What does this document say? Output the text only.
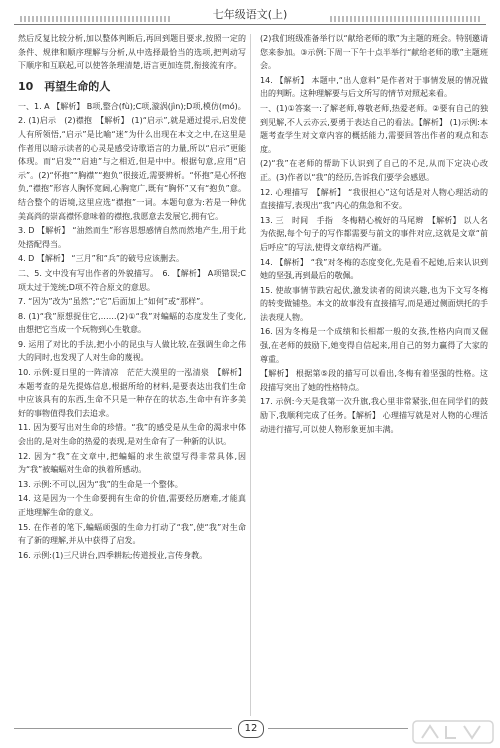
七年级语文(上)

然后反复比较分析,加以整体判断后,再回到题目要求,按照一定的条件、规律和顺序理解与分析,从中选择最恰当的选项,把判动写下顺序和互联起,可以使答条理清楚,语言更加连贯,衔接流有序。

10　再望生命的人

一、1. A 【解析】 B项,整合(fù);C项,漩涡(jìn);D项,模仿(mó)。

2. (1)启示　(2)襟抱　【解析】 (1)“启示”,就是通过提示,启发使人有所领悟,“启示”是比喻“迷”为什么出现在本文之中,在这里是作者用以暗示读者的心灵是感受诗歌语言的力量,所以“启示”更能体现。而“启发”“启迪”与之相近,但是中中。根据句意,应用“启示”。(2)“怀抱”“胸襟”“抱负”很接近,需要辨析。“怀抱”是心怀抱负,“襟抱”形容人胸怀宽阔,心胸宽广,既有“胸怀”又有“抱负”意。结合整个的语境,这里应选“襟抱”一词。本题句意为:若是一种优美高尚的崇高襟怀意味着的襟抱,我愿意去发展它,拥有它。

3. D 【解析】 “油然而生”形容思想感情自然而然地产生,用于此处搭配得当。

4. D 【解析】 “三月”和“兵”的破号应该删去。

二、5. 文中没有写出作者的外貌描写。　6. 【解析】 A项错误;C项太过于笼统;D项不符合原文的意思。

7. “因为”改为“虽然”;“它”后面加上“如何”或“那样”。

8. (1)“我”原想捉住它,……(2)①“我”对蝙蝠的态度发生了变化,由想把它当成一个玩物到心生敬意。

9. 运用了对比的手法,把小小的昆虫与人做比较,在强调生命之伟大的同时,也发现了人对生命的蔑视。

10. 示例:夏日里的一阵清凉　茫茫大漠里的一泓清泉　【解析】 本题考查的是先提炼信息,根据所给的材料,是要表达出我们生命中应该具有的东西,生命不只是一种存在的状态,生命中有许多美好的事物值得我们去追求。

11. 因为要写出对生命的珍惜。“我”的感受是从生命的渴求中体会出的,是对生命的热爱的表现,是对生命有了一种新的认识。

12. 因为“我”在文章中,把蝙蝠的求生欲望写得非常具体,因为“我”被蝙蝠对生命的执着所感动。

13. 示例:不可以,因为“我”的生命是一个整体。

14. 这是因为一个生命要拥有生命的价值,需要经历磨难,才能真正地理解生命的意义。

15. 在作者的笔下,蝙蝠顽强的生命力打动了“我”,使“我”对生命有了新的理解,并从中获得了启发。

16. 示例:(1)三尺讲台,四季耕耘;传道授业,言传身教。

(2)我们班级准备举行以“献给老师的歌”为主题的班会。特别邀请您来参加。③示例:下周一下午十点半举行“献给老师的歌”主题班会。

14. 【解析】 本题中,“出人意料”是作者对于事情发展的情况做出的判断。这种理解要与后文所写的情节对照起来看。

一、(1)①答案一:了解老师,尊敬老师,热爱老师。②要有自己的独到见解,不人云亦云,要勇于表达自己的看法。【解析】 (1)示例:本题考查学生对文章内容的概括能力,需要回答出作者的观点和态度。

(2)“我”在老师的帮助下认识到了自己的不足,从而下定决心改正。(3)作者以“我”的经历,告诉我们要学会感恩。

12. 心理描写　【解析】 “我很担心”这句话是对人物心理活动的直接描写,表现出“我”内心的焦急和不安。

13. 三　时间　手指　冬梅精心梳好的马尾辫　【解析】 以人名为依据,每个句子的写作都需要与前文的事件对应,这就是文章“前后呼应”的写法,使得文章结构严谨。

14. 【解析】 “我”对冬梅的态度变化,先是看不起她,后来认识到她的坚强,再到最后的敬佩。

15. 使故事情节跌宕起伏,激发读者的阅读兴趣,也为下文写冬梅的转变做铺垫。本文的故事没有直接描写,而是通过侧面烘托的手法表现人物。

16. 因为冬梅是一个成绩和长相都一般的女孩,性格内向而又倔强,在老师的鼓励下,她变得自信起来,用自己的努力赢得了大家的尊重。

【解析】 根据第⑤段的描写可以看出,冬梅有着坚强的性格。这段描写突出了她的性格特点。

17. 示例:今天是我第一次升旗,我心里非常紧张,但在同学们的鼓励下,我顺利完成了任务。【解析】 心理描写就是对人物的心理活动进行描写,可以使人物形象更加丰满。

12
